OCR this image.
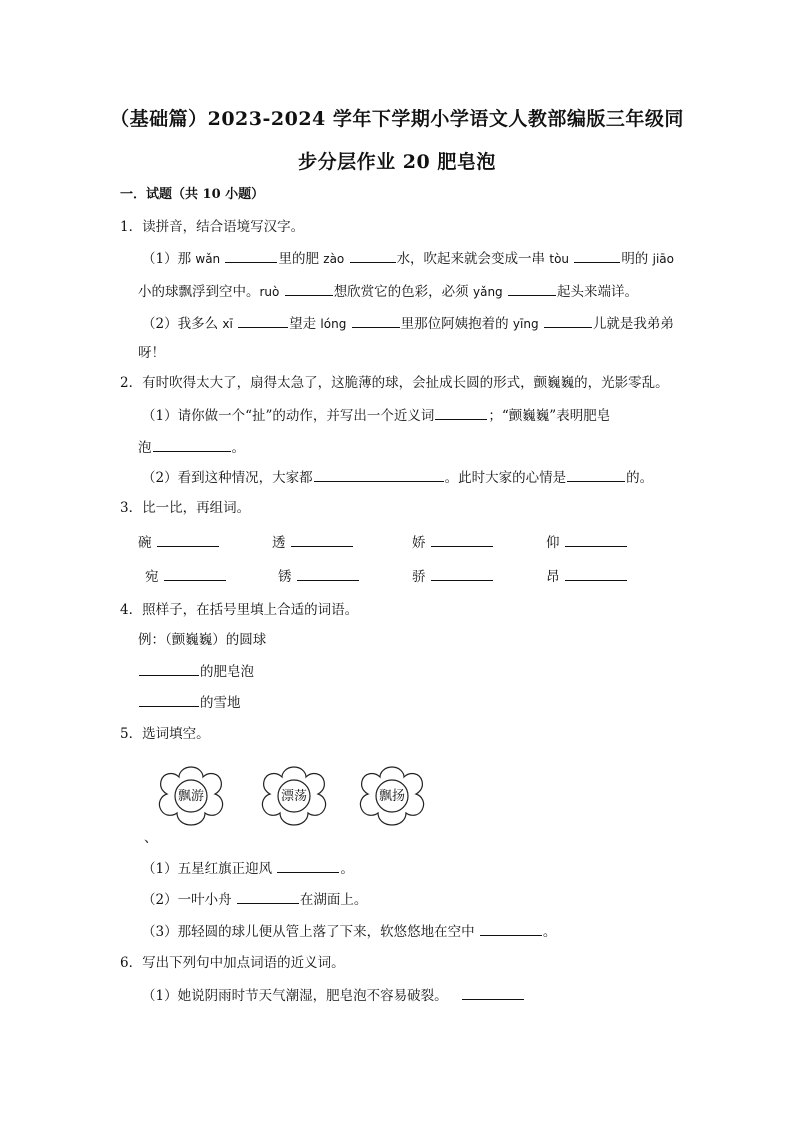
（基础篇）2023-2024 学年下学期小学语文人教部编版三年级同
步分层作业 20 肥皂泡
一．试题（共 10 小题）
1．读拼音，结合语境写汉字。
（1）那 wǎn	里的肥 zào	水，吹起来就会变成一串 tòu	明的 jiāo
小的球飘浮到空中。ruò	想欣赏它的色彩，必须 yǎng	起头来端详。
（2）我多么 xī	望走 lóng	里那位阿姨抱着的 yīng	儿就是我弟弟
呀！
2．有时吹得太大了，扇得太急了，这脆薄的球，会扯成长圆的形式，颤巍巍的，光影零乱。
（1）请你做一个“扯”的动作，并写出一个近义词	；“颤巍巍”表明肥皂
泡	。
（2）看到这种情况，大家都	。此时大家的心情是	的。
3．比一比，再组词。
碗	透	娇	仰
宛	锈	骄	昂
4．照样子，在括号里填上合适的词语。
例：（颤巍巍）的圆球
的肥皂泡
的雪地
5．选词填空。
飘游	漂荡	飘扬
、
（1）五星红旗正迎风	。
（2）一叶小舟	在湖面上。
（3）那轻圆的球儿便从管上落了下来，软悠悠地在空中	。
6．写出下列句中加点词语的近义词。
（1）她说阴雨时节天气潮湿，肥皂泡不容易破裂。
